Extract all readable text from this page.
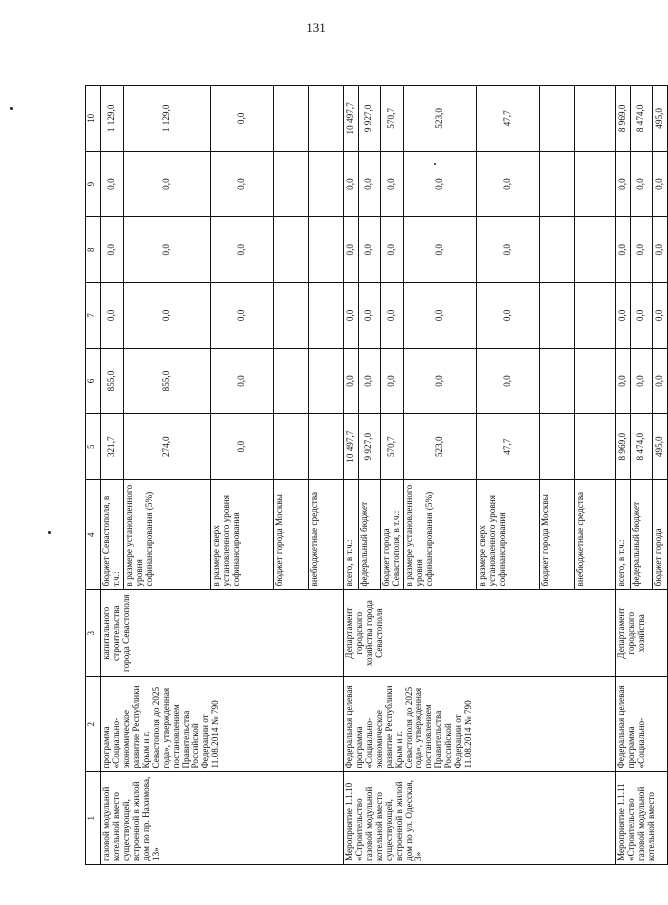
131
1	2	3	4	5	6	7	8	9	10
газовой модульной котельной вместо существующей, встроенной в жилой дом по пр. Нахимова, 13»	программа «Социально-экономическое развитие Республики Крым и г. Севастополя до 2025 года», утвержденная постановлением Правительства Российской Федерации от 11.08.2014 № 790	капитального строительства города Севастополя	бюджет Севастополя, в т.ч.:	321,7	855,0	0,0	0,0	0,0	1 129,0
			в размере установленного уровня софинансирования (5%)	274,0	855,0	0,0	0,0	0,0	1 129,0
			в размере сверх установленного уровня софинансирования	0,0	0,0	0,0	0,0	0,0	0,0
			бюджет города Москвы						
			внебюджетные средства						
Мероприятие 1.1.10 «Строительство газовой модульной котельной вместо существующей, встроенной в жилой дом по ул. Одесская, 3»	Федеральная целевая программа «Социально-экономическое развитие Республики Крым и г. Севастополя до 2025 года», утвержденная постановлением Правительства Российской Федерации от 11.08.2014 № 790	Департамент городского хозяйства города Севастополя	всего, в т.ч.:	10 497,7	0,0	0,0	0,0	0,0	10 497,7
			федеральный бюджет	9 927,0	0,0	0,0	0,0	0,0	9 927,0
			бюджет города Севастополя, в т.ч.:	570,7	0,0	0,0	0,0	0,0	570,7
			в размере установленного уровня софинансирования (5%)	523,0	0,0	0,0	0,0	0,0	523,0
			в размере сверх установленного уровня софинансирования	47,7	0,0	0,0	0,0	0,0	47,7
			бюджет города Москвы						
			внебюджетные средства						
Мероприятие 1.1.11 «Строительство газовой модульной котельной вместо	Федеральная целевая программа «Социально-	Департамент городского хозяйства	всего, в т.ч.:	8 969,0	0,0	0,0	0,0	0,0	8 969,0
			федеральный бюджет	8 474,0	0,0	0,0	0,0	0,0	8 474,0
			бюджет города	495,0	0,0	0,0	0,0	0,0	495,0
